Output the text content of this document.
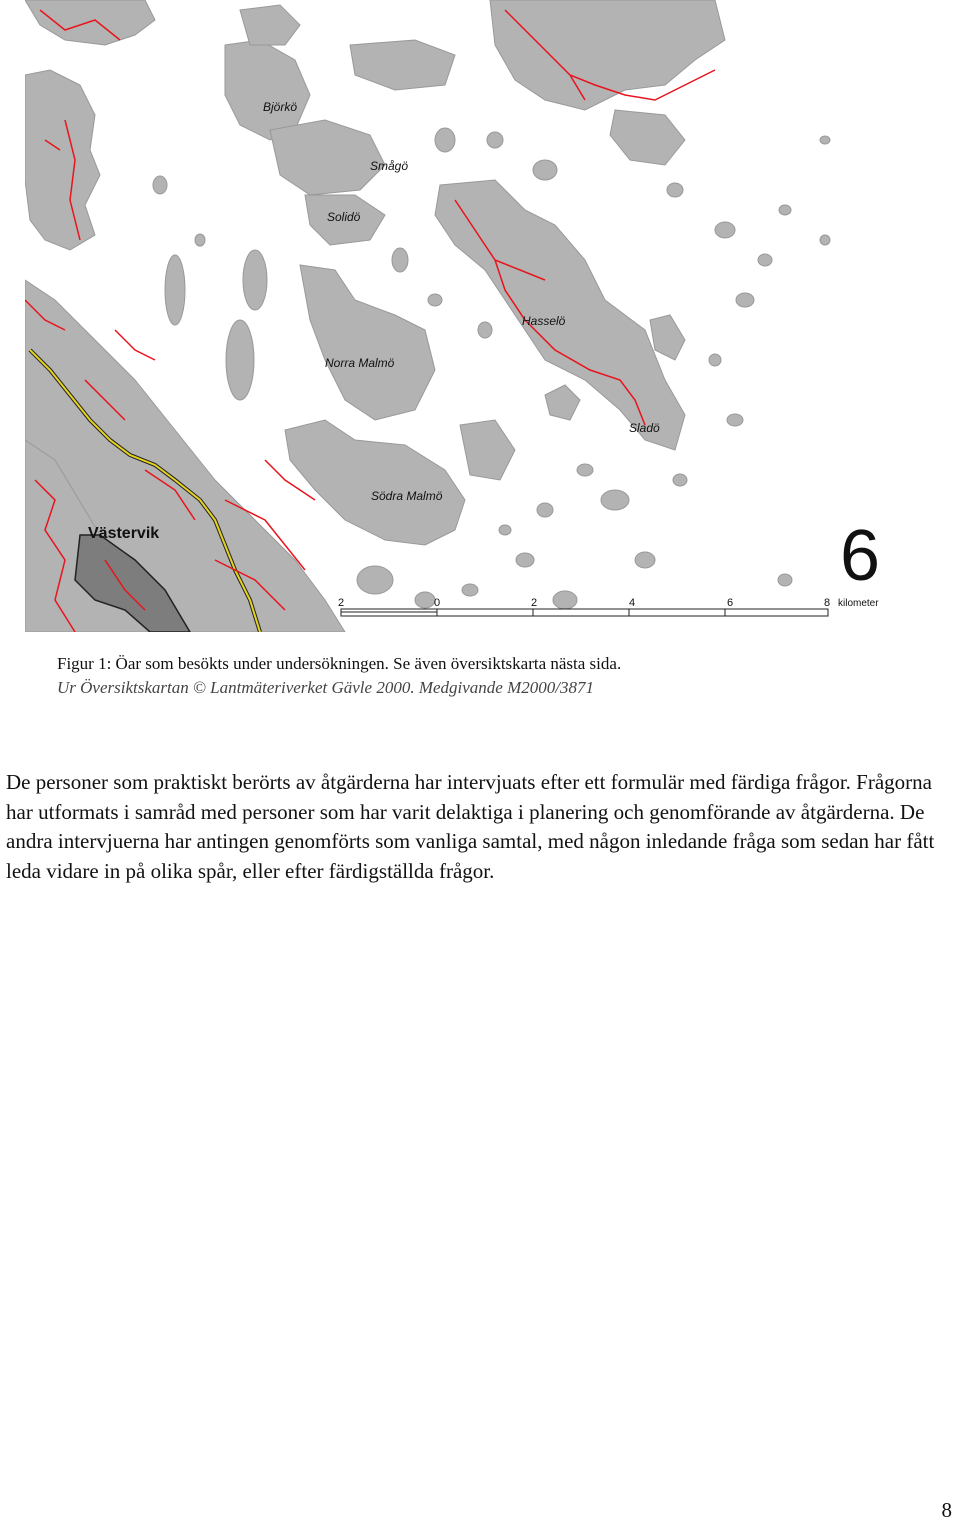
Björkö
Smågö
Solidö
Hasselö
Norra Malmö
Sladö
Södra Malmö
Västervik	6
2	0	2	4	6	8 kilometer
Figur 1: Öar som besökts under undersökningen. Se även översiktskarta nästa sida.
Ur Översiktskartan © Lantmäteriverket Gävle 2000. Medgivande M2000/3871
De personer som praktiskt berörts av åtgärderna har intervjuats efter ett formulär med färdiga frågor. Frågorna har utformats i samråd med personer som har varit delaktiga i planering och genomförande av åtgärderna. De andra intervjuerna har antingen genomförts som vanliga samtal, med någon inledande fråga som sedan har fått leda vidare in på olika spår, eller efter färdigställda frågor.
8
